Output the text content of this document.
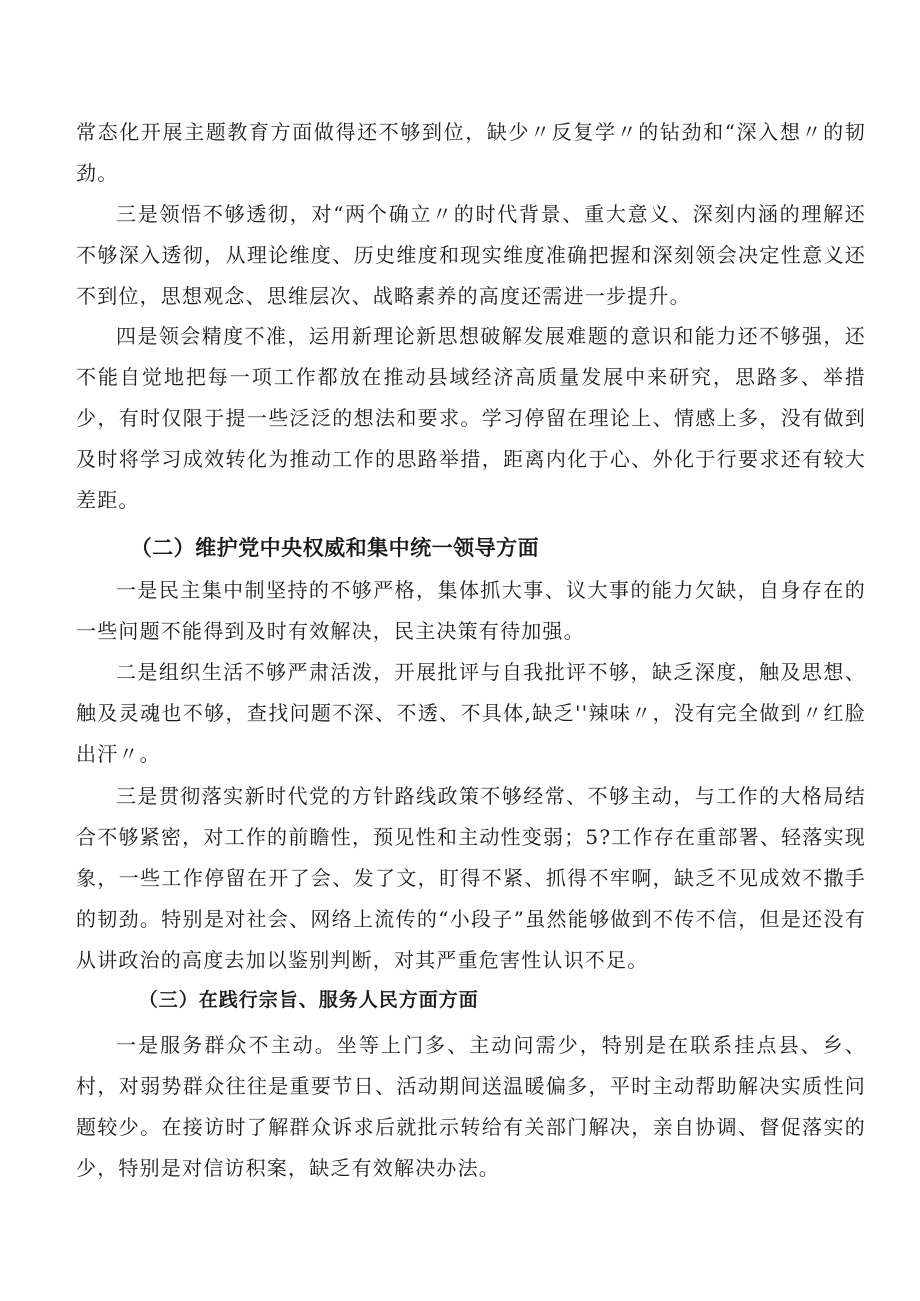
常态化开展主题教育方面做得还不够到位，缺少〃反复学〃的钻劲和“深入想〃的韧劲。

三是领悟不够透彻，对“两个确立〃的时代背景、重大意义、深刻内涵的理解还不够深入透彻，从理论维度、历史维度和现实维度准确把握和深刻领会决定性意义还不到位，思想观念、思维层次、战略素养的高度还需进一步提升。

四是领会精度不准，运用新理论新思想破解发展难题的意识和能力还不够强，还不能自觉地把每一项工作都放在推动县域经济高质量发展中来研究，思路多、举措少，有时仅限于提一些泛泛的想法和要求。学习停留在理论上、情感上多，没有做到及时将学习成效转化为推动工作的思路举措，距离内化于心、外化于行要求还有较大差距。

（二）维护党中央权威和集中统一领导方面

一是民主集中制坚持的不够严格，集体抓大事、议大事的能力欠缺，自身存在的一些问题不能得到及时有效解决，民主决策有待加强。

二是组织生活不够严肃活泼，开展批评与自我批评不够，缺乏深度，触及思想、触及灵魂也不够，查找问题不深、不透、不具体,缺乏''辣味〃，没有完全做到〃红脸出汗〃。

三是贯彻落实新时代党的方针路线政策不够经常、不够主动，与工作的大格局结合不够紧密，对工作的前瞻性，预见性和主动性变弱；5?工作存在重部署、轻落实现象，一些工作停留在开了会、发了文，盯得不紧、抓得不牢啊，缺乏不见成效不撒手的韧劲。特别是对社会、网络上流传的“小段子”虽然能够做到不传不信，但是还没有从讲政治的高度去加以鉴别判断，对其严重危害性认识不足。

（三）在践行宗旨、服务人民方面方面

一是服务群众不主动。坐等上门多、主动问需少，特别是在联系挂点县、乡、村，对弱势群众往往是重要节日、活动期间送温暖偏多，平时主动帮助解决实质性问题较少。在接访时了解群众诉求后就批示转给有关部门解决，亲自协调、督促落实的少，特别是对信访积案，缺乏有效解决办法。
